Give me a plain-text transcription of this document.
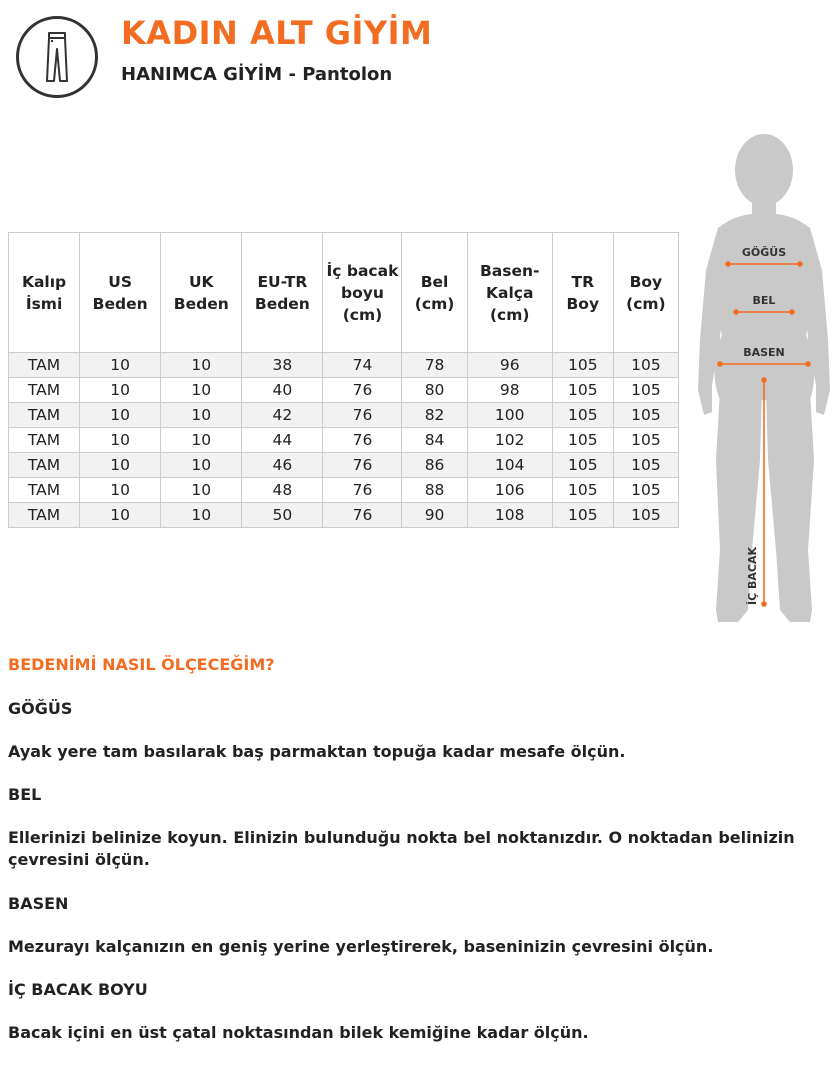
KADIN ALT GİYİM
HANIMCA GİYİM - Pantolon
Kalıp İsmi	US Beden	UK Beden	EU-TR Beden	İç bacak boyu (cm)	Bel (cm)	Basen-Kalça (cm)	TR Boy	Boy (cm)
TAM	10	10	38	74	78	96	105	105
TAM	10	10	40	76	80	98	105	105
TAM	10	10	42	76	82	100	105	105
TAM	10	10	44	76	84	102	105	105
TAM	10	10	46	76	86	104	105	105
TAM	10	10	48	76	88	106	105	105
TAM	10	10	50	76	90	108	105	105
GÖĞÜS
BEL
BASEN
İÇ BACAK

BEDENİMİ NASIL ÖLÇECEĞİM?

GÖĞÜS

Ayak yere tam basılarak baş parmaktan topuğa kadar mesafe ölçün.

BEL

Ellerinizi belinize koyun. Elinizin bulunduğu nokta bel noktanızdır. O noktadan belinizin çevresini ölçün.

BASEN

Mezurayı kalçanızın en geniş yerine yerleştirerek, baseninizin çevresini ölçün.

İÇ BACAK BOYU

Bacak içini en üst çatal noktasından bilek kemiğine kadar ölçün.
